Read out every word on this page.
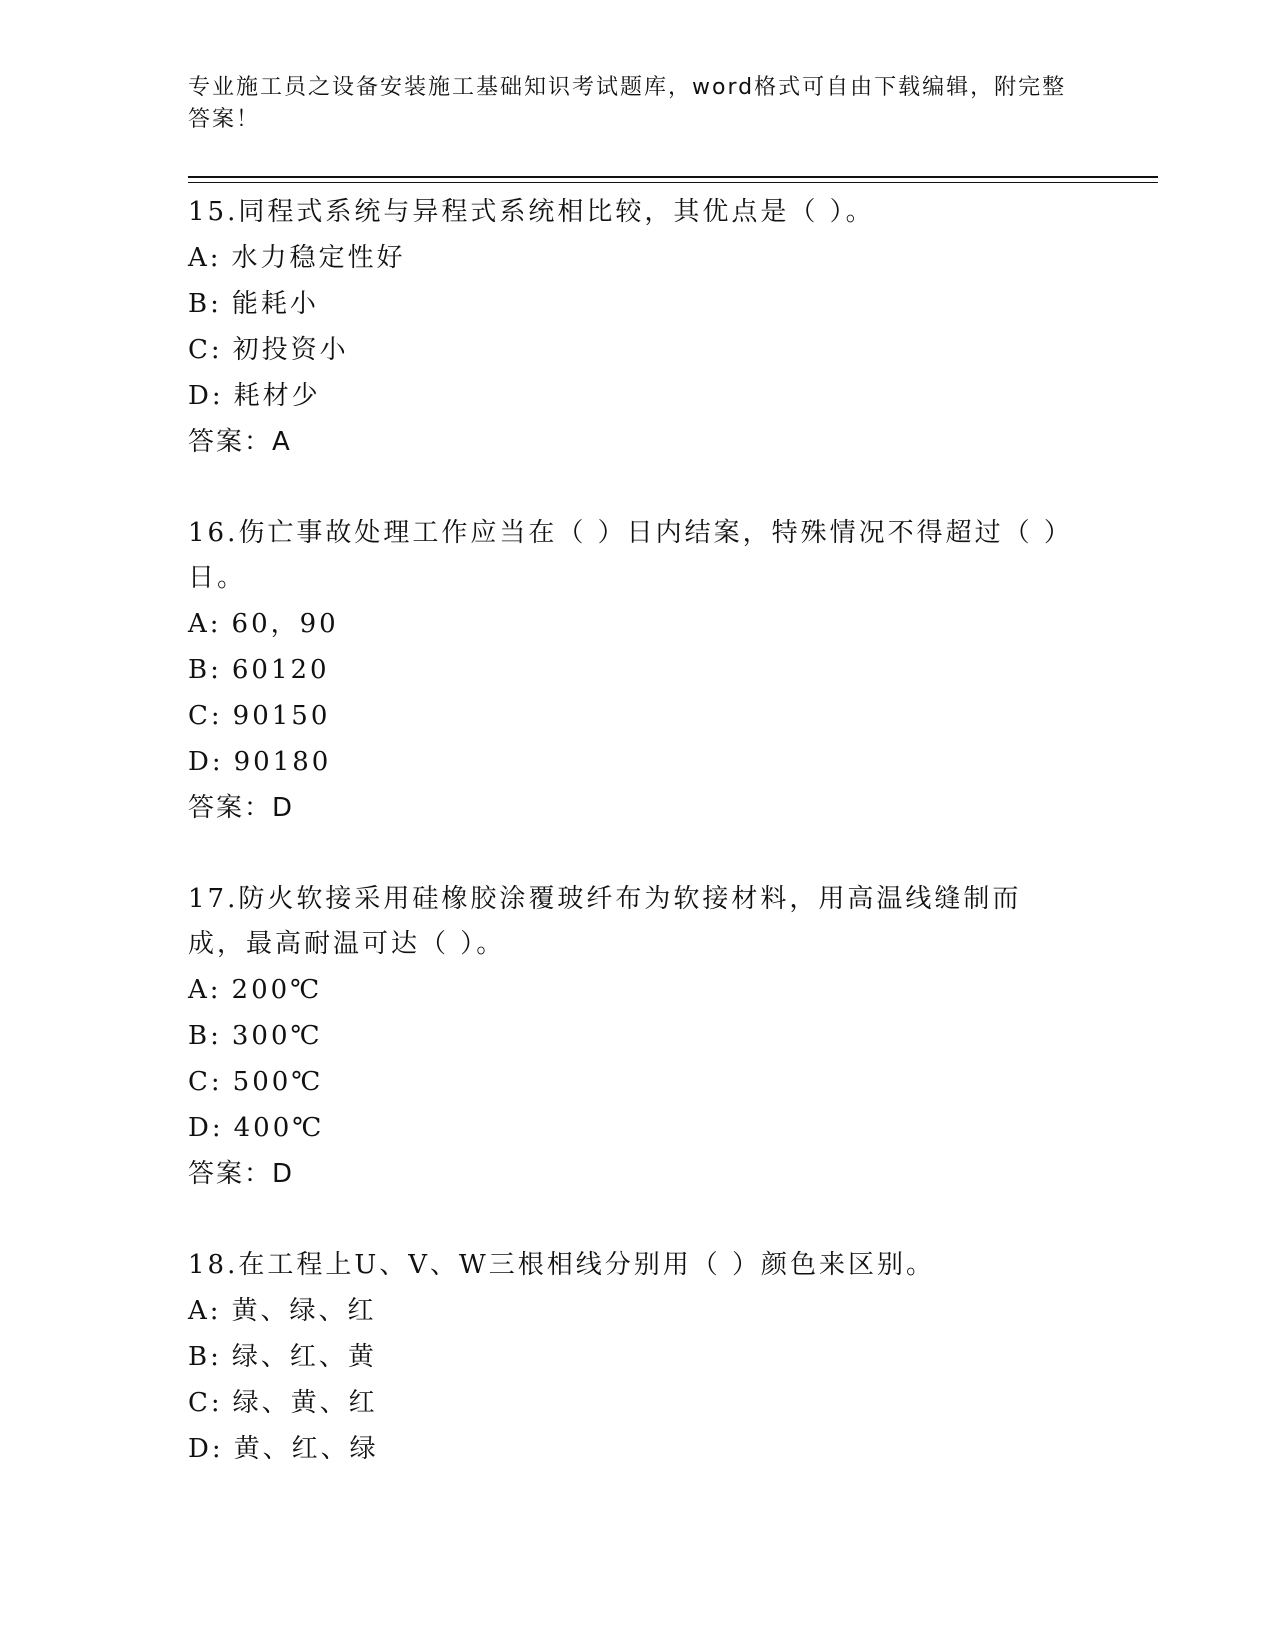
专业施工员之设备安装施工基础知识考试题库，word格式可自由下载编辑，附完整答案！

15.同程式系统与异程式系统相比较，其优点是（ ）。

A: 水力稳定性好
B: 能耗小
C: 初投资小
D: 耗材少
答案：A

16.伤亡事故处理工作应当在（ ）日内结案，特殊情况不得超过（ ）日。

A: 60，90
B: 60120
C: 90150
D: 90180
答案：D

17.防火软接采用硅橡胶涂覆玻纤布为软接材料，用高温线缝制而成，最高耐温可达（ ）。

A: 200℃
B: 300℃
C: 500℃
D: 400℃
答案：D

18.在工程上U、V、W三根相线分别用（ ）颜色来区别。

A: 黄、绿、红
B: 绿、红、黄
C: 绿、黄、红
D: 黄、红、绿
